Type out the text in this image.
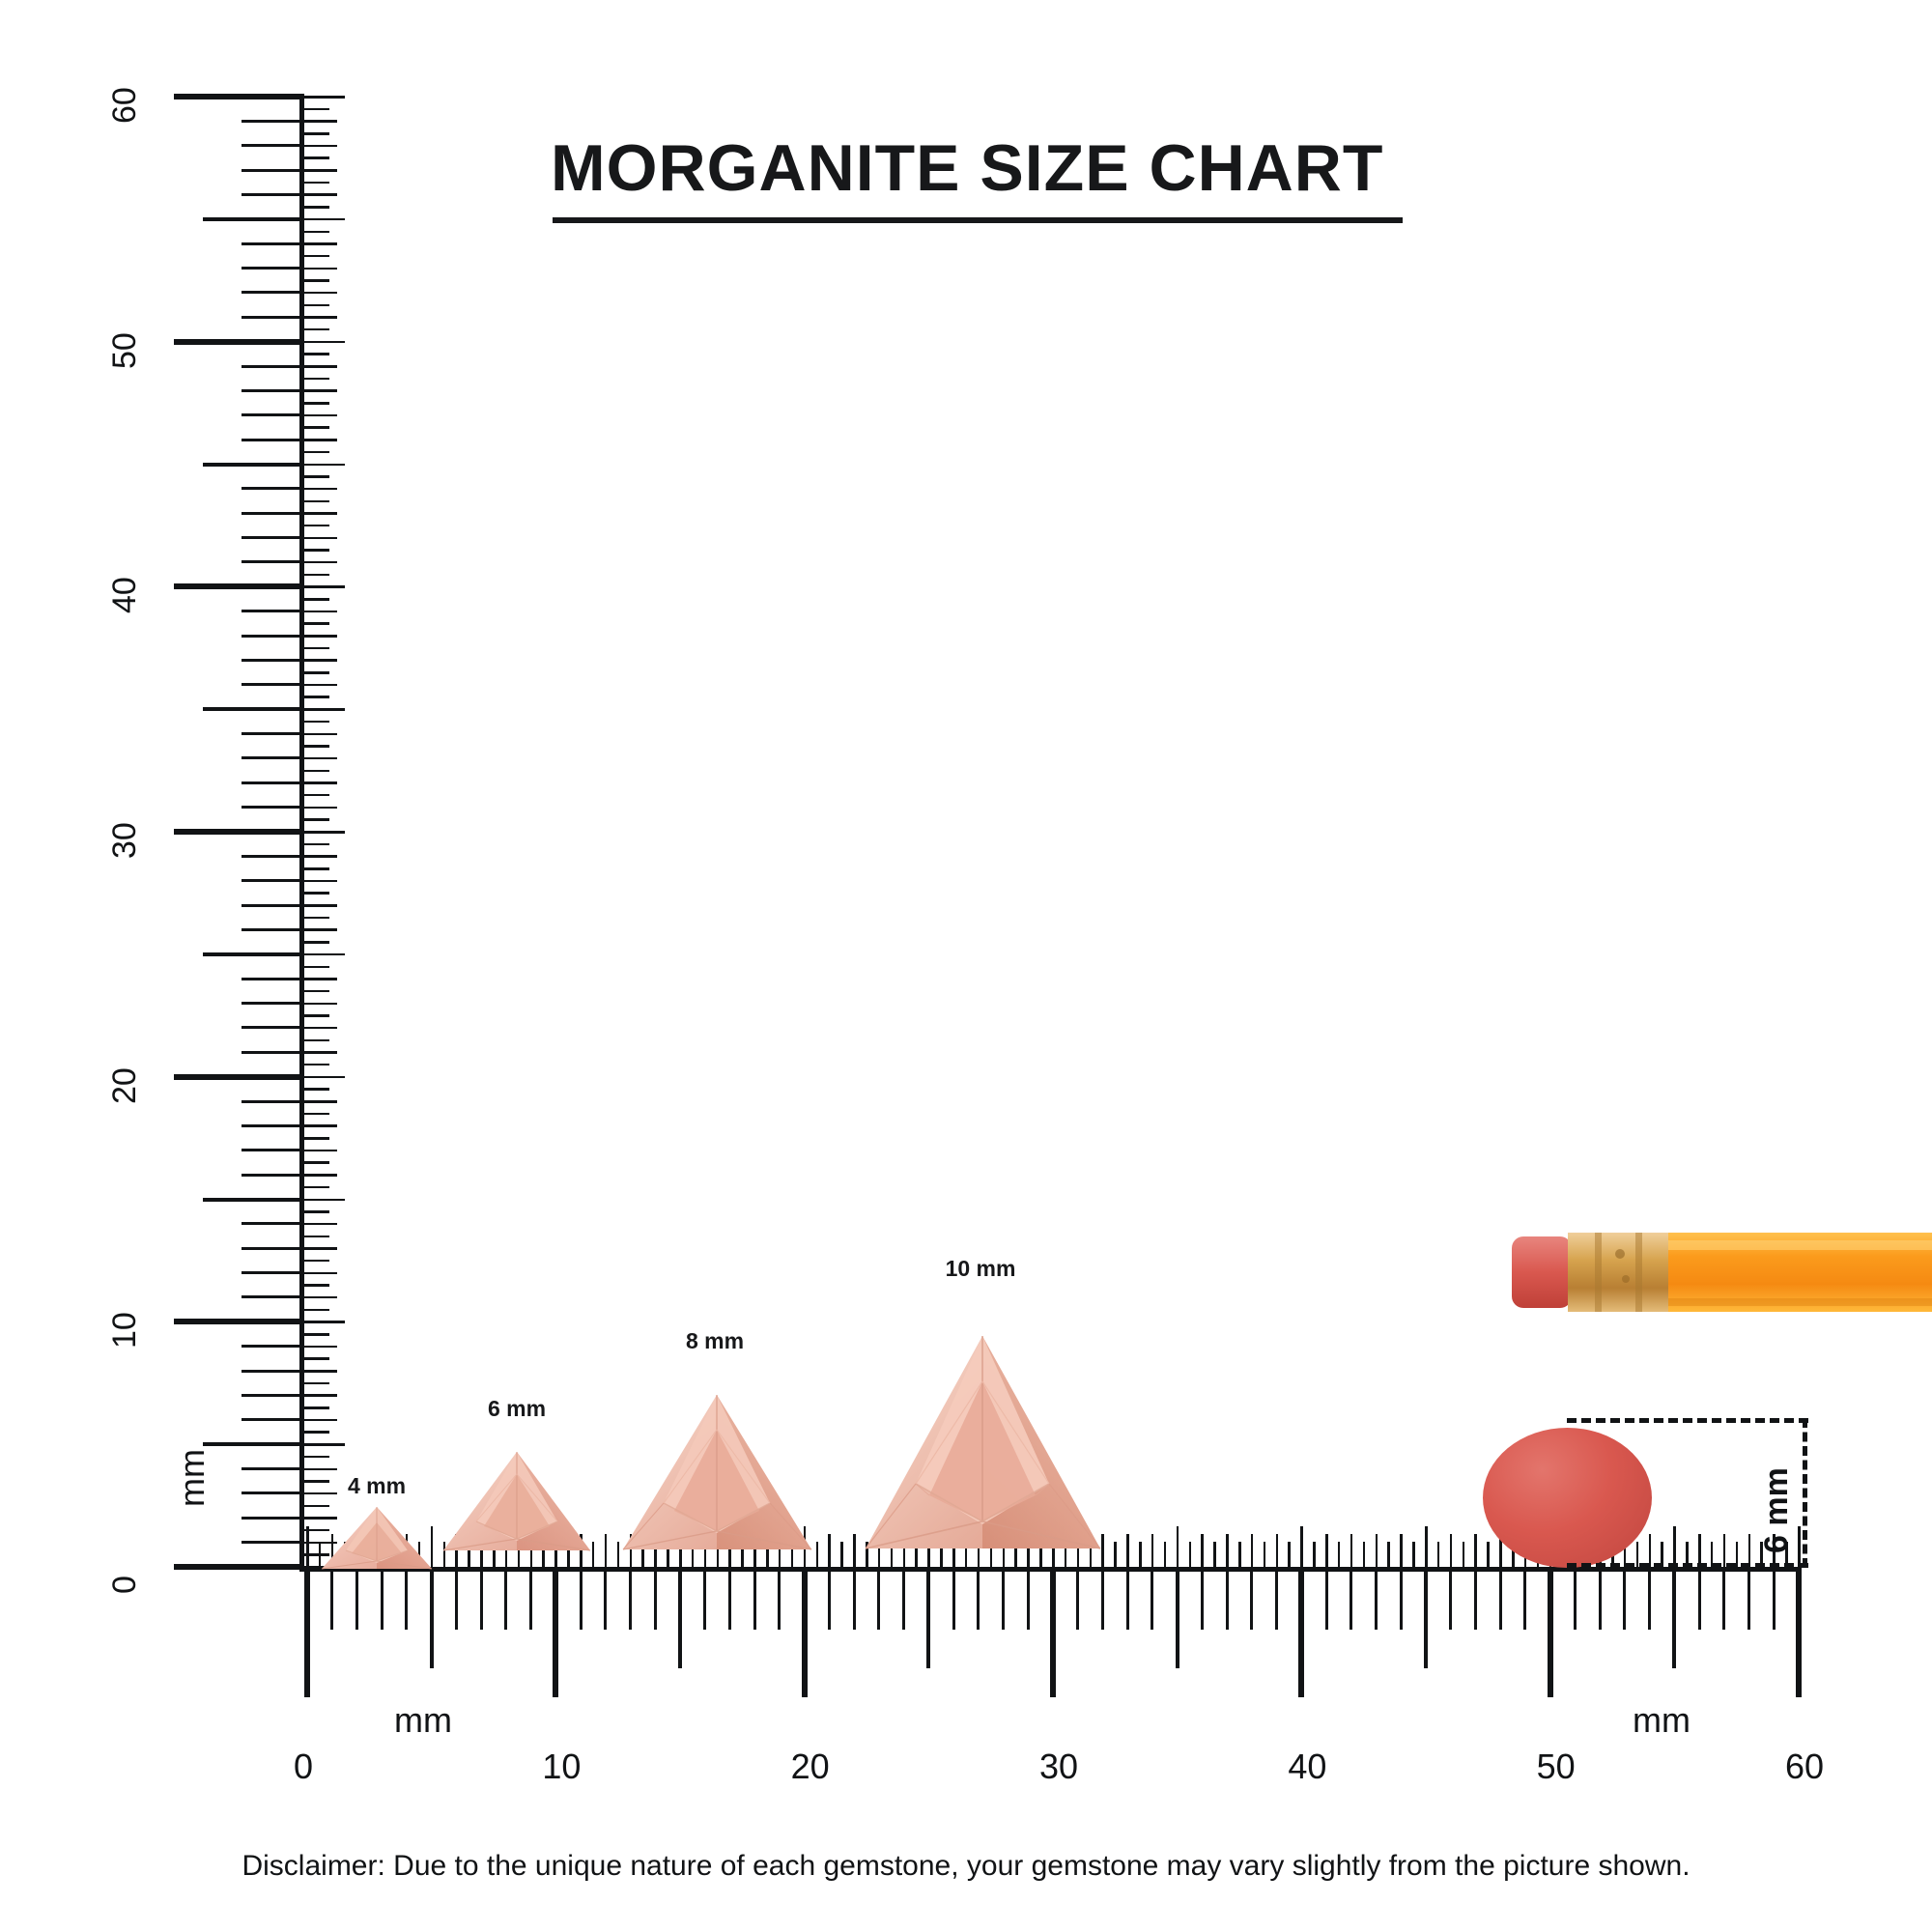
MORGANITE SIZE CHART
0
10
20
30
40
50
60
mm
0	10	20	30	40	50	60
mm	mm
4 mm
6 mm
8 mm
10 mm
6 mm
Disclaimer: Due to the unique nature of each gemstone, your gemstone may vary slightly from the picture shown.
